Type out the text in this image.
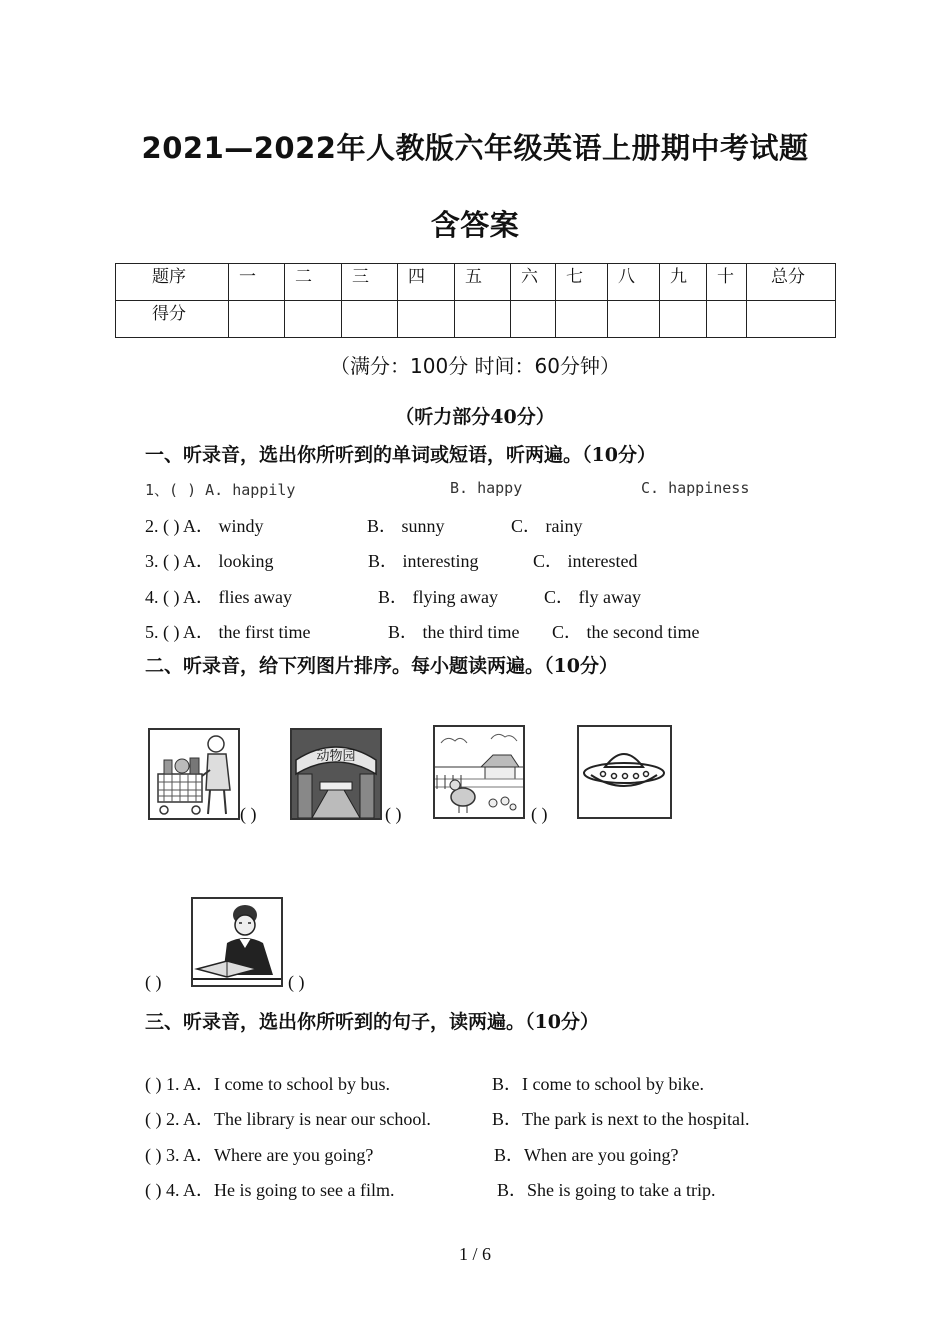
2021—2022年人教版六年级英语上册期中考试题
含答案
题序	一	二	三	四	五	六	七	八	九	十	总分
得分											
（满分：100分 时间：60分钟）
（听力部分40分）
一、听录音，选出你所听到的单词或短语，听两遍。（10分）
1、( ) A. happily	B. happy	C. happiness
2. ( ) A． windy	B． sunny	C． rainy
3. ( ) A． looking	B． interesting	C． interested
4. ( ) A． flies away	B． flying away	C． fly away
5. ( ) A． the first time	B． the third time C． the second time
二、听录音，给下列图片排序。每小题读两遍。（10分）
( )
动物园
( )	( )
( )	( )
三、听录音，选出你所听到的句子，读两遍。（10分）
( ) 1. A．I come to school by bus.	B．I come to school by bike.
( ) 2. A．The library is near our school.	B．The park is next to the hospital.
( ) 3. A．Where are you going?	B．When are you going?
( ) 4. A．He is going to see a film.	B．She is going to take a trip.
1 / 6
